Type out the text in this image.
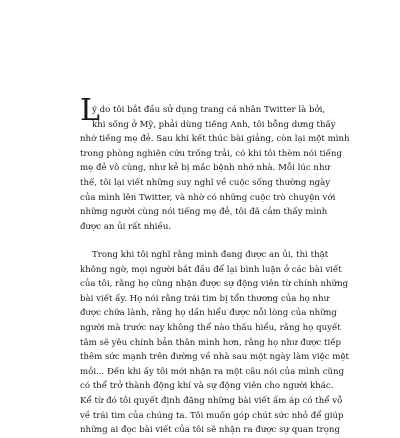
L
ý do tôi bắt đầu sử dụng trang cá nhân Twitter là bởi,
khi sống ở Mỹ, phải dùng tiếng Anh, tôi bỗng dưng thấy
nhớ tiếng mẹ đẻ. Sau khi kết thúc bài giảng, còn lại một mình
trong phòng nghiên cứu trống trải, có khi tôi thèm nói tiếng
mẹ đẻ vô cùng, như kẻ bị mắc bệnh nhớ nhà. Mỗi lúc như
thế, tôi lại viết những suy nghĩ về cuộc sống thường ngày
của mình lên Twitter, và nhờ có những cuộc trò chuyện với
những người cùng nói tiếng mẹ đẻ, tôi đã cảm thấy mình
được an ủi rất nhiều.
Trong khi tôi nghĩ rằng mình đang được an ủi, thì thật
không ngờ, mọi người bắt đầu để lại bình luận ở các bài viết
của tôi, rằng họ cũng nhận được sự động viên từ chính những
bài viết ấy. Họ nói rằng trái tim bị tổn thương của họ như
được chữa lành, rằng họ dần hiểu được nỗi lòng của những
người mà trước nay không thể nào thấu hiểu, rằng họ quyết
tâm sẽ yêu chính bản thân mình hơn, rằng họ như được tiếp
thêm sức mạnh trên đường về nhà sau một ngày làm việc mệt
mỏi... Đến khi ấy tôi mới nhận ra một câu nói của mình cũng
có thể trở thành động khí và sự động viên cho người khác.
Kể từ đó tôi quyết định đăng những bài viết ấm áp có thể vỗ
về trái tim của chúng ta. Tôi muốn góp chút sức nhỏ để giúp
những ai đọc bài viết của tôi sẽ nhận ra được sự quan trọng
